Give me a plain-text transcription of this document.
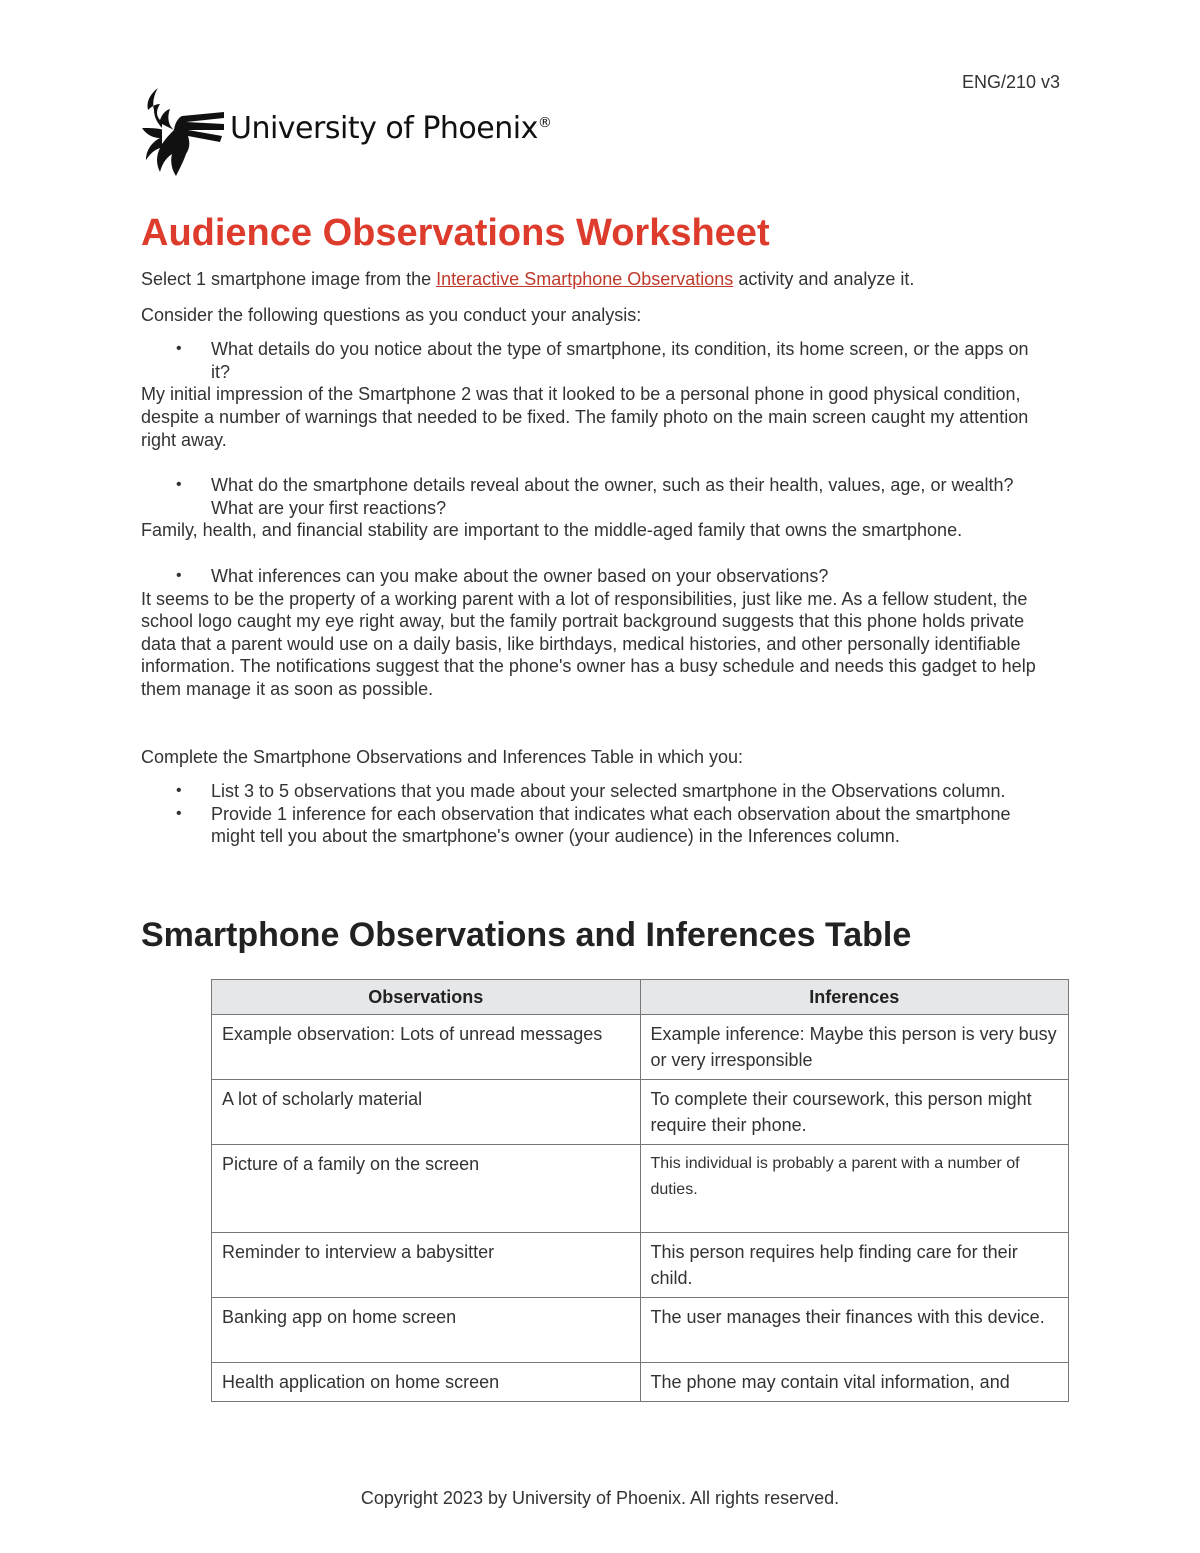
ENG/210 v3
University of Phoenix®
Audience Observations Worksheet

Select 1 smartphone image from the Interactive Smartphone Observations activity and analyze it.

Consider the following questions as you conduct your analysis:

• What details do you notice about the type of smartphone, its condition, its home screen, or the apps on it?

My initial impression of the Smartphone 2 was that it looked to be a personal phone in good physical condition, despite a number of warnings that needed to be fixed. The family photo on the main screen caught my attention right away.

• What do the smartphone details reveal about the owner, such as their health, values, age, or wealth? What are your first reactions?

Family, health, and financial stability are important to the middle-aged family that owns the smartphone.

• What inferences can you make about the owner based on your observations?

It seems to be the property of a working parent with a lot of responsibilities, just like me. As a fellow student, the school logo caught my eye right away, but the family portrait background suggests that this phone holds private data that a parent would use on a daily basis, like birthdays, medical histories, and other personally identifiable information. The notifications suggest that the phone's owner has a busy schedule and needs this gadget to help them manage it as soon as possible.

Complete the Smartphone Observations and Inferences Table in which you:

• List 3 to 5 observations that you made about your selected smartphone in the Observations column.
• Provide 1 inference for each observation that indicates what each observation about the smartphone might tell you about the smartphone's owner (your audience) in the Inferences column.
Smartphone Observations and Inferences Table
Observations	Inferences
Example observation: Lots of unread messages	Example inference: Maybe this person is very busy or very irresponsible
A lot of scholarly material	To complete their coursework, this person might require their phone.
Picture of a family on the screen	This individual is probably a parent with a number of duties.
Reminder to interview a babysitter	This person requires help finding care for their child.
Banking app on home screen	The user manages their finances with this device.
Health application on home screen	The phone may contain vital information, and
Copyright 2023 by University of Phoenix. All rights reserved.
